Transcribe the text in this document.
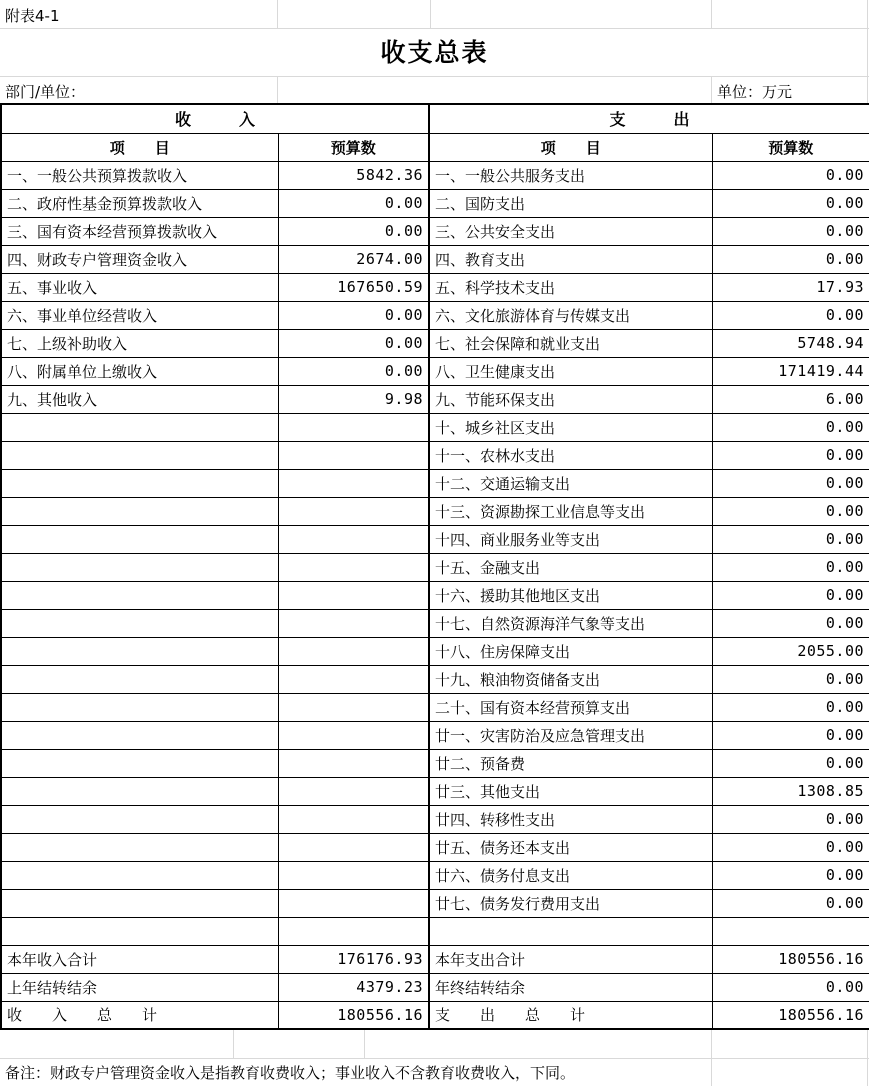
附表4-1
收支总表
部门/单位：	单位：万元
收　　　入		支　　　出	
项　　目	预算数	项　　目	预算数
一、一般公共预算拨款收入	5842.36	一、一般公共服务支出	0.00
二、政府性基金预算拨款收入	0.00	二、国防支出	0.00
三、国有资本经营预算拨款收入	0.00	三、公共安全支出	0.00
四、财政专户管理资金收入	2674.00	四、教育支出	0.00
五、事业收入	167650.59	五、科学技术支出	17.93
六、事业单位经营收入	0.00	六、文化旅游体育与传媒支出	0.00
七、上级补助收入	0.00	七、社会保障和就业支出	5748.94
八、附属单位上缴收入	0.00	八、卫生健康支出	171419.44
九、其他收入	9.98	九、节能环保支出	6.00
		十、城乡社区支出	0.00
		十一、农林水支出	0.00
		十二、交通运输支出	0.00
		十三、资源勘探工业信息等支出	0.00
		十四、商业服务业等支出	0.00
		十五、金融支出	0.00
		十六、援助其他地区支出	0.00
		十七、自然资源海洋气象等支出	0.00
		十八、住房保障支出	2055.00
		十九、粮油物资储备支出	0.00
		二十、国有资本经营预算支出	0.00
		廿一、灾害防治及应急管理支出	0.00
		廿二、预备费	0.00
		廿三、其他支出	1308.85
		廿四、转移性支出	0.00
		廿五、债务还本支出	0.00
		廿六、债务付息支出	0.00
		廿七、债务发行费用支出	0.00

本年收入合计	176176.93	本年支出合计	180556.16
上年结转结余	4379.23	年终结转结余	0.00
收　　入　　总　　计	180556.16	支　　出　　总　　计	180556.16
备注：财政专户管理资金收入是指教育收费收入；事业收入不含教育收费收入，下同。
